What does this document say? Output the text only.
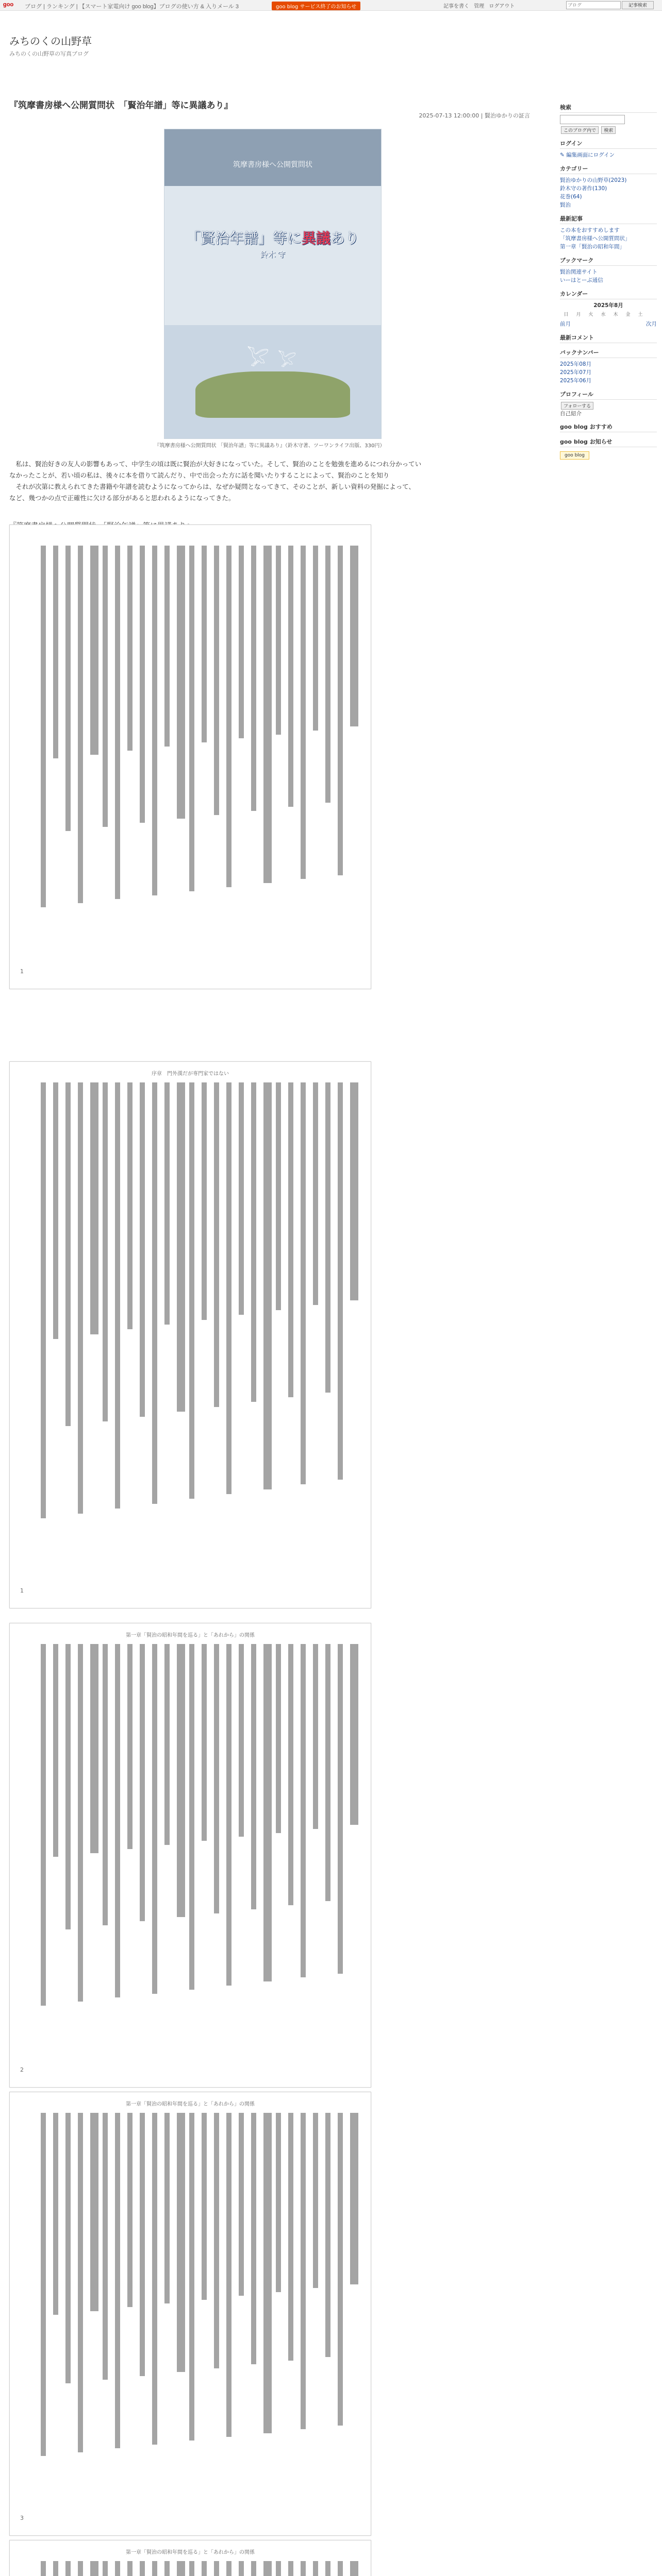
goo ブログ | ランキング | 【スマート家電向け goo blog】ブログの使い方 & 入りメール 3	goo blog サービス終了のお知らせ	記事を書く 管理 ログアウト
ブログ	記事検索
みちのくの山野草
みちのくの山野草の写真ブログ
『筑摩書房様へ公開質問状　「賢治年譜」等に異議あり』
2025-07-13 12:00:00 | 賢治ゆかりの証言
筑摩書房様へ公開質問状
「賢治年譜」等に異議あり
鈴木 守
𓅯 𓅯
『筑摩書房様へ公開質問状 「賢治年譜」等に異議あり』（鈴木守著、ツーワンライフ出版、330円）
　私は、賢治好きの友人の影響もあって、中学生の頃は既に賢治が大好きになっていた。そして、賢治のことを勉強を進めるにつれ分かってい
なかったことが、若い頃の私は、後々に本を借りて読んだり、中で出会った方に話を聞いたりすることによって、賢治のことを知り
　それが次第に教えられてきた書籍や年譜を読むようになってからは、なぜか疑問となってきて、そのことが、新しい資料の発掘によって、
など、幾つかの点で正確性に欠ける部分があると思われるようになってきた。
1
序章　門外漢だが専門家ではない
1
第一章「賢治の昭和年間を巡る」と「あれから」の関係
2
第一章「賢治の昭和年間を巡る」と「あれから」の関係
3
第一章「賢治の昭和年間を巡る」と「あれから」の関係
検索
このブログ内で 検索
ログイン
✎ 編集画面にログイン
カテゴリー
賢治ゆかりの山野草(2023)
鈴木守の著作(130)
花巻(64)
賢治
最新記事
この本をおすすめします
「筑摩書房様へ公開質問状」
第一章「賢治の昭和年間」
ブックマーク
賢治関連サイト
いーはとーぶ通信
カレンダー
2025年8月
日	月	火	水	木	金	土
前月	次月
最新コメント
バックナンバー
2025年08月
2025年07月
2025年06月
プロフィール
フォローする
自己紹介
goo blog おすすめ
goo blog お知らせ
goo blog
